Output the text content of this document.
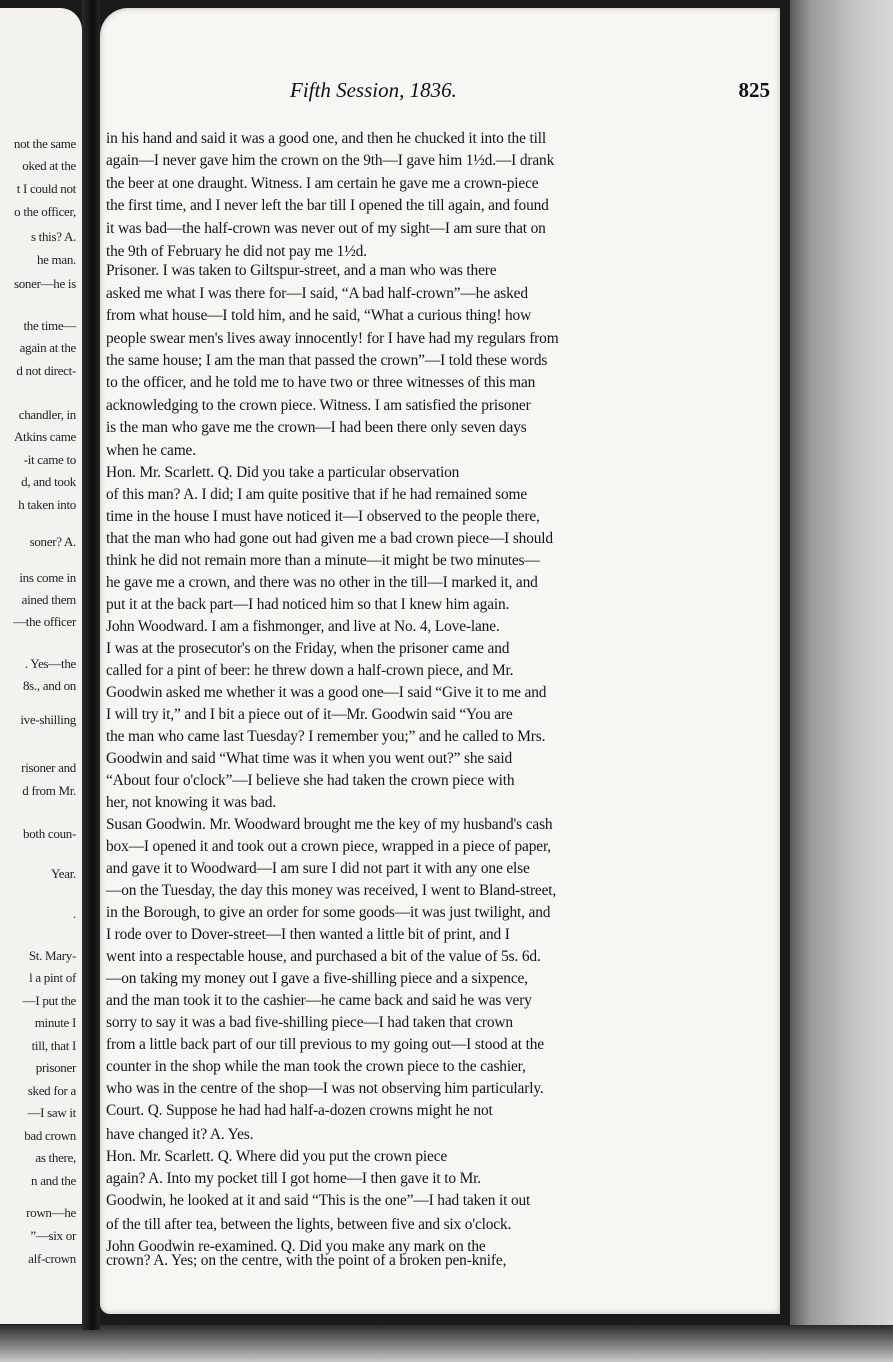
not the same
oked at the
t I could not
o the officer,
s this? A.
he man.
soner—he is
the time—
again at the
d not direct-
chandler, in
Atkins came
-it came to
d, and took
h taken into
soner? A.
ins come in
ained them
—the officer
. Yes—the
8s., and on
ive-shilling
risoner and
d from Mr.
both coun-
Year.
.
St. Mary-
l a pint of
—I put the
minute I
till, that I
prisoner
sked for a
—I saw it
bad crown
as there,
n and the
rown—he
”—six or
alf-crown
Fifth Session, 1836.	825
in his hand and said it was a good one, and then he chucked it into the till
again—I never gave him the crown on the 9th—I gave him 1½d.—I drank
the beer at one draught. Witness. I am certain he gave me a crown-piece
the first time, and I never left the bar till I opened the till again, and found
it was bad—the half-crown was never out of my sight—I am sure that on
the 9th of February he did not pay me 1½d.
Prisoner. I was taken to Giltspur-street, and a man who was there
asked me what I was there for—I said, “A bad half-crown”—he asked
from what house—I told him, and he said, “What a curious thing! how
people swear men's lives away innocently! for I have had my regulars from
the same house; I am the man that passed the crown”—I told these words
to the officer, and he told me to have two or three witnesses of this man
acknowledging to the crown piece. Witness. I am satisfied the prisoner
is the man who gave me the crown—I had been there only seven days
when he came.
Hon. Mr. Scarlett. Q. Did you take a particular observation
of this man? A. I did; I am quite positive that if he had remained some
time in the house I must have noticed it—I observed to the people there,
that the man who had gone out had given me a bad crown piece—I should
think he did not remain more than a minute—it might be two minutes—
he gave me a crown, and there was no other in the till—I marked it, and
put it at the back part—I had noticed him so that I knew him again.
John Woodward. I am a fishmonger, and live at No. 4, Love-lane.
I was at the prosecutor's on the Friday, when the prisoner came and
called for a pint of beer: he threw down a half-crown piece, and Mr.
Goodwin asked me whether it was a good one—I said “Give it to me and
I will try it,” and I bit a piece out of it—Mr. Goodwin said “You are
the man who came last Tuesday? I remember you;” and he called to Mrs.
Goodwin and said “What time was it when you went out?” she said
“About four o'clock”—I believe she had taken the crown piece with
her, not knowing it was bad.
Susan Goodwin. Mr. Woodward brought me the key of my husband's cash
box—I opened it and took out a crown piece, wrapped in a piece of paper,
and gave it to Woodward—I am sure I did not part it with any one else
—on the Tuesday, the day this money was received, I went to Bland-street,
in the Borough, to give an order for some goods—it was just twilight, and
I rode over to Dover-street—I then wanted a little bit of print, and I
went into a respectable house, and purchased a bit of the value of 5s. 6d.
—on taking my money out I gave a five-shilling piece and a sixpence,
and the man took it to the cashier—he came back and said he was very
sorry to say it was a bad five-shilling piece—I had taken that crown
from a little back part of our till previous to my going out—I stood at the
counter in the shop while the man took the crown piece to the cashier,
who was in the centre of the shop—I was not observing him particularly.
Court. Q. Suppose he had had half-a-dozen crowns might he not
have changed it? A. Yes.
Hon. Mr. Scarlett. Q. Where did you put the crown piece
again? A. Into my pocket till I got home—I then gave it to Mr.
Goodwin, he looked at it and said “This is the one”—I had taken it out
of the till after tea, between the lights, between five and six o'clock.
John Goodwin re-examined. Q. Did you make any mark on the
crown? A. Yes; on the centre, with the point of a broken pen-knife,
